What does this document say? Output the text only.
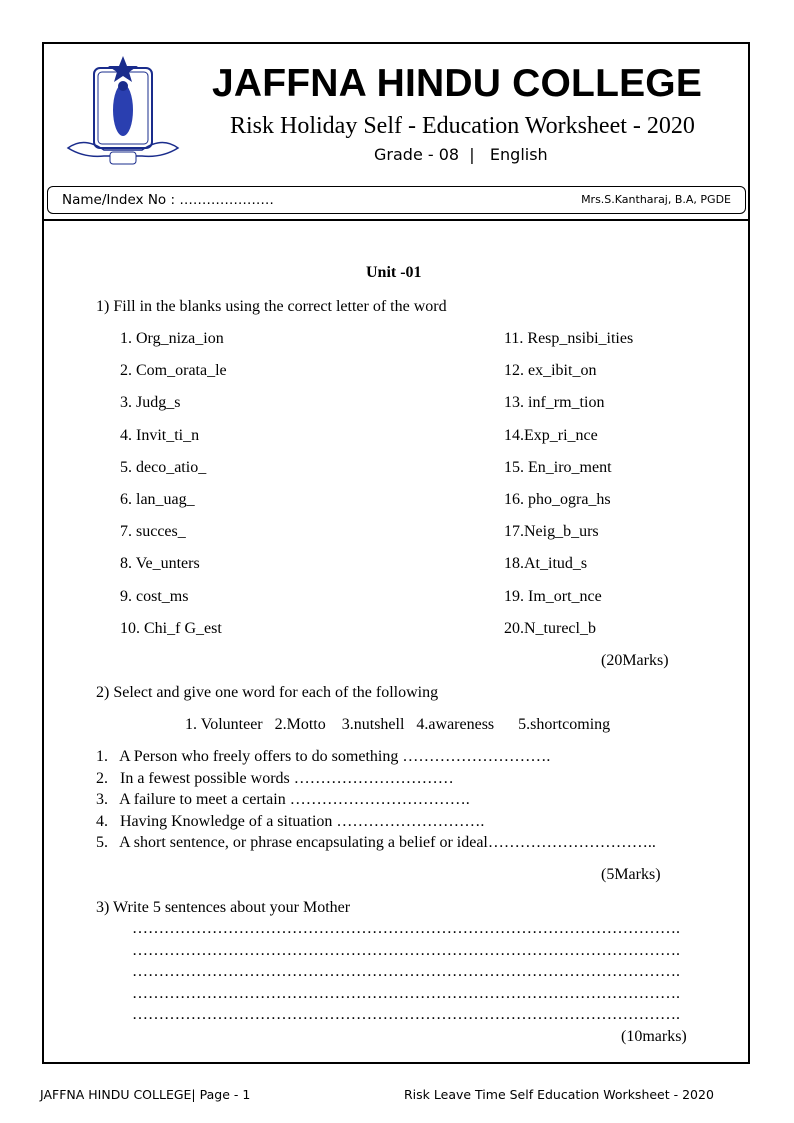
JAFFNA HINDU COLLEGE
Risk Holiday Self - Education Worksheet - 2020
Grade - 08  |   English
Name/Index No : …………………	Mrs.S.Kantharaj, B.A, PGDE
Unit -01
1) Fill in the blanks using the correct letter of the word
1. Org_niza_ion
2. Com_orata_le
3. Judg_s
4. Invit_ti_n
5. deco_atio_
6. lan_uag_
7. succes_
8. Ve_unters
9. cost_ms
10. Chi_f G_est
11. Resp_nsibi_ities
12. ex_ibit_on
13. inf_rm_tion
14.Exp_ri_nce
15. En_iro_ment
16. pho_ogra_hs
17.Neig_b_urs
18.At_itud_s
19. Im_ort_nce
20.N_turecl_b
(20Marks)
2) Select and give one word for each of the following
1. Volunteer   2.Motto    3.nutshell   4.awareness      5.shortcoming
1.   A Person who freely offers to do something ……………………….
2.   In a fewest possible words …………………………
3.   A failure to meet a certain …………………………….
4.   Having Knowledge of a situation ……………………….
5.   A short sentence, or phrase encapsulating a belief or ideal…………………………..
(5Marks)
3) Write 5 sentences about your Mother
………………………………………………………………………………………….
………………………………………………………………………………………….
………………………………………………………………………………………….
………………………………………………………………………………………….
………………………………………………………………………………………….
(10marks)
JAFFNA HINDU COLLEGE| Page - 1	Risk Leave Time Self Education Worksheet - 2020
